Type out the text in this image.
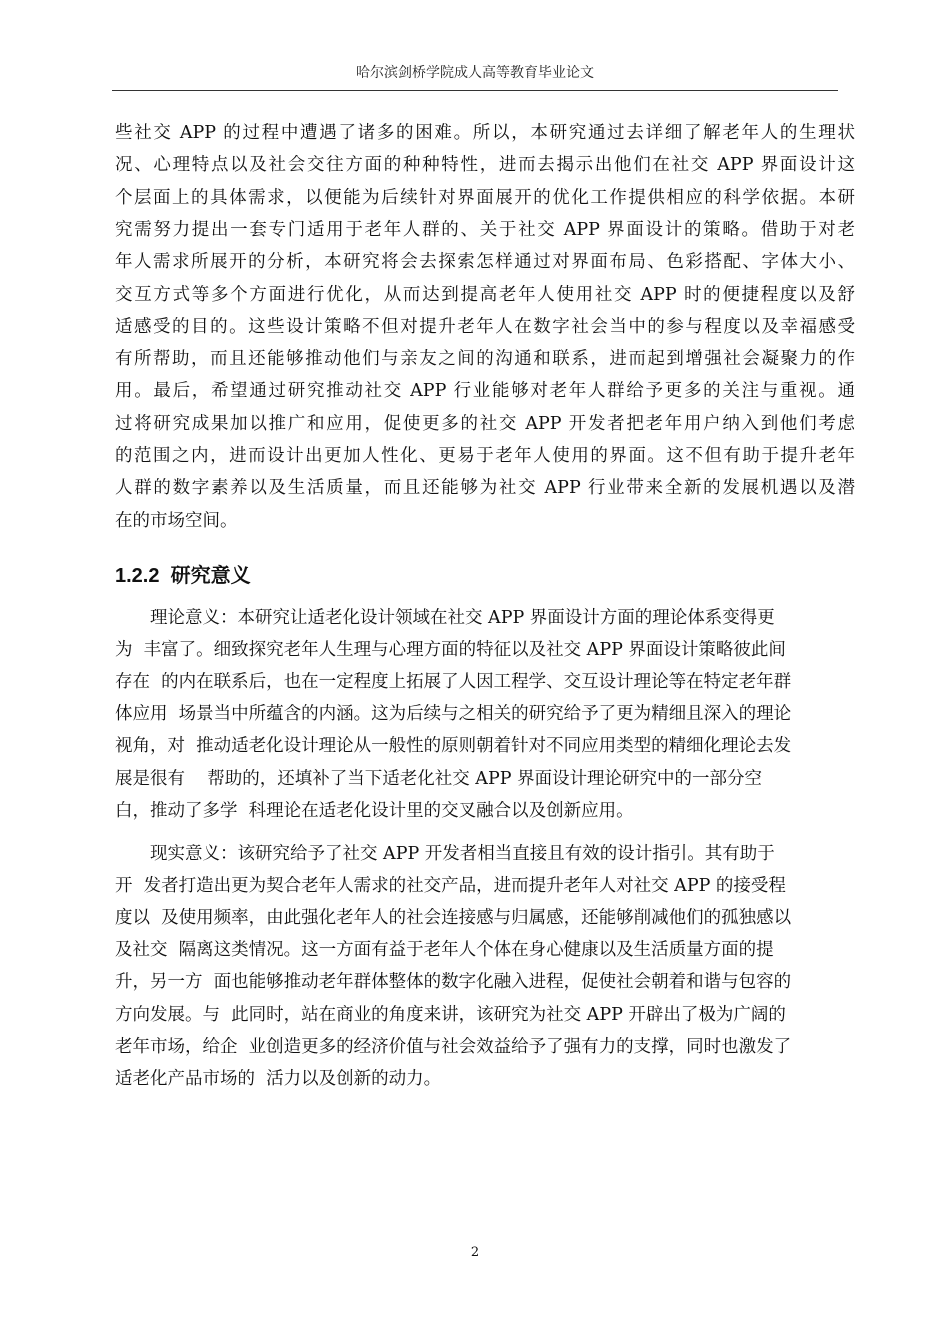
哈尔滨剑桥学院成人高等教育毕业论文
些社交 APP 的过程中遭遇了诸多的困难。所以，本研究通过去详细了解老年人的生理状
况、心理特点以及社会交往方面的种种特性，进而去揭示出他们在社交 APP 界面设计这
个层面上的具体需求，以便能为后续针对界面展开的优化工作提供相应的科学依据。本研
究需努力提出一套专门适用于老年人群的、关于社交 APP 界面设计的策略。借助于对老
年人需求所展开的分析，本研究将会去探索怎样通过对界面布局、色彩搭配、字体大小、
交互方式等多个方面进行优化，从而达到提高老年人使用社交 APP 时的便捷程度以及舒
适感受的目的。这些设计策略不但对提升老年人在数字社会当中的参与程度以及幸福感受
有所帮助，而且还能够推动他们与亲友之间的沟通和联系，进而起到增强社会凝聚力的作
用。最后，希望通过研究推动社交 APP 行业能够对老年人群给予更多的关注与重视。通
过将研究成果加以推广和应用，促使更多的社交 APP 开发者把老年用户纳入到他们考虑
的范围之内，进而设计出更加人性化、更易于老年人使用的界面。这不但有助于提升老年
人群的数字素养以及生活质量，而且还能够为社交 APP 行业带来全新的发展机遇以及潜
在的市场空间。
1.2.2  研究意义
　　理论意义：本研究让适老化设计领域在社交 APP 界面设计方面的理论体系变得更
为  丰富了。细致探究老年人生理与心理方面的特征以及社交 APP 界面设计策略彼此间
存在  的内在联系后，也在一定程度上拓展了人因工程学、交互设计理论等在特定老年群
体应用  场景当中所蕴含的内涵。这为后续与之相关的研究给予了更为精细且深入的理论
视角，对  推动适老化设计理论从一般性的原则朝着针对不同应用类型的精细化理论去发
展是很有    帮助的，还填补了当下适老化社交 APP 界面设计理论研究中的一部分空
白，推动了多学  科理论在适老化设计里的交叉融合以及创新应用。
　　现实意义：该研究给予了社交 APP 开发者相当直接且有效的设计指引。其有助于
开  发者打造出更为契合老年人需求的社交产品，进而提升老年人对社交 APP 的接受程
度以  及使用频率，由此强化老年人的社会连接感与归属感，还能够削减他们的孤独感以
及社交  隔离这类情况。这一方面有益于老年人个体在身心健康以及生活质量方面的提
升，另一方  面也能够推动老年群体整体的数字化融入进程，促使社会朝着和谐与包容的
方向发展。与  此同时，站在商业的角度来讲，该研究为社交 APP 开辟出了极为广阔的
老年市场，给企  业创造更多的经济价值与社会效益给予了强有力的支撑，同时也激发了
适老化产品市场的  活力以及创新的动力。
2
